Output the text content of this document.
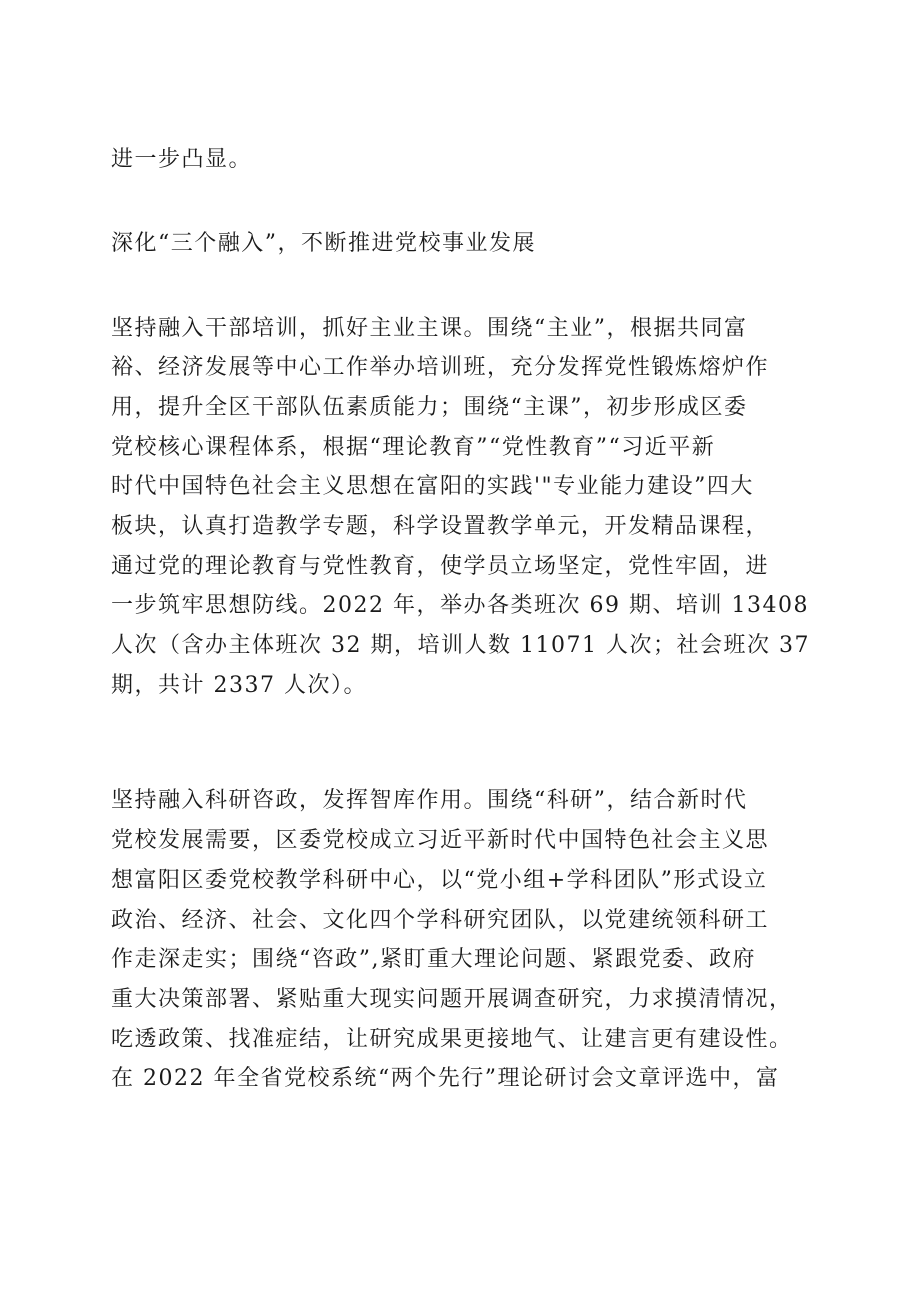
进一步凸显。
深化“三个融入”，不断推进党校事业发展
坚持融入干部培训，抓好主业主课。围绕“主业”，根据共同富
裕、经济发展等中心工作举办培训班，充分发挥党性锻炼熔炉作
用，提升全区干部队伍素质能力；围绕“主课”，初步形成区委
党校核心课程体系，根据“理论教育”“党性教育”“习近平新
时代中国特色社会主义思想在富阳的实践'"专业能力建设”四大
板块，认真打造教学专题，科学设置教学单元，开发精品课程，
通过党的理论教育与党性教育，使学员立场坚定，党性牢固，进
一步筑牢思想防线。2022 年，举办各类班次 69 期、培训 13408
人次（含办主体班次 32 期，培训人数 11071 人次；社会班次 37
期，共计 2337 人次）。
坚持融入科研咨政，发挥智库作用。围绕“科研”，结合新时代
党校发展需要，区委党校成立习近平新时代中国特色社会主义思
想富阳区委党校教学科研中心，以“党小组+学科团队”形式设立
政治、经济、社会、文化四个学科研究团队，以党建统领科研工
作走深走实；围绕“咨政”,紧盯重大理论问题、紧跟党委、政府
重大决策部署、紧贴重大现实问题开展调查研究，力求摸清情况，
吃透政策、找准症结，让研究成果更接地气、让建言更有建设性。
在 2022 年全省党校系统“两个先行”理论研讨会文章评选中，富
